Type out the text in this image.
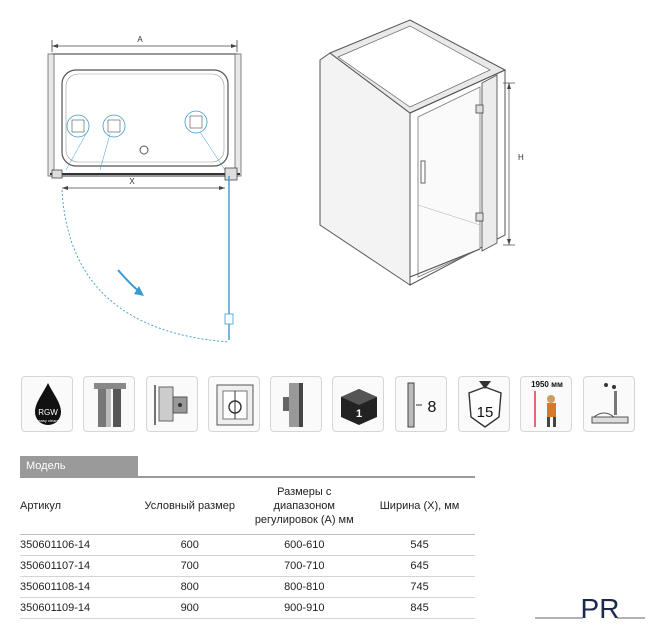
A
X
H
RGW
easy clean
1	8	15
1950 мм
Модель
Артикул	Условный размер	Размеры с диапазоном регулировок (А) мм	Ширина (Х), мм
350601106-14	600	600-610	545
350601107-14	700	700-710	645
350601108-14	800	800-810	745
350601109-14	900	900-910	845	PR
